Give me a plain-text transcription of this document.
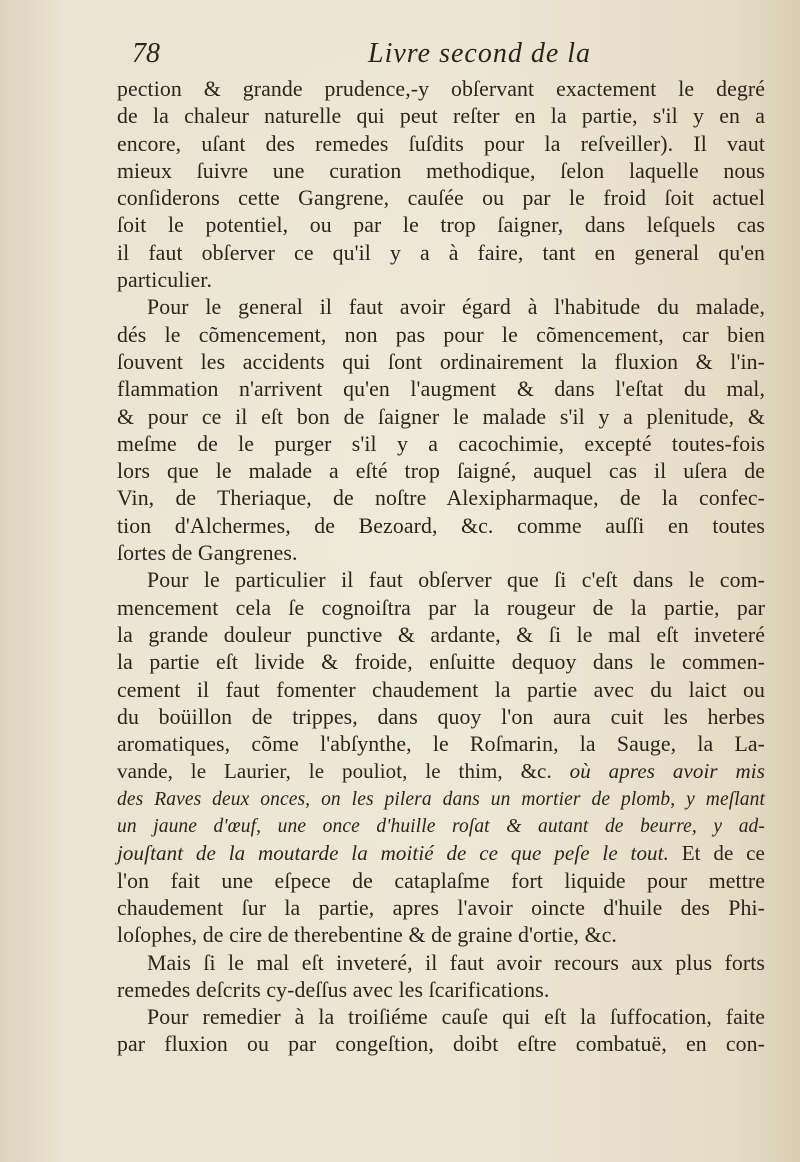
78	Livre second de la
pection & grande prudence,-y obſervant exactement le degré
de la chaleur naturelle qui peut reſter en la partie, s'il y en a
encore, uſant des remedes ſuſdits pour la reſveiller). Il vaut
mieux ſuivre une curation methodique, ſelon laquelle nous
conſiderons cette Gangrene, cauſée ou par le froid ſoit actuel
ſoit le potentiel, ou par le trop ſaigner, dans leſquels cas
il faut obſerver ce qu'il y a à faire, tant en general qu'en
particulier.
Pour le general il faut avoir égard à l'habitude du malade,
dés le cõmencement, non pas pour le cõmencement, car bien
ſouvent les accidents qui ſont ordinairement la fluxion & l'in-
flammation n'arrivent qu'en l'augment & dans l'eſtat du mal,
& pour ce il eſt bon de ſaigner le malade s'il y a plenitude, &
meſme de le purger s'il y a cacochimie, excepté toutes-fois
lors que le malade a eſté trop ſaigné, auquel cas il uſera de
Vin, de Theriaque, de noſtre Alexipharmaque, de la confec-
tion d'Alchermes, de Bezoard, &c. comme auſſi en toutes
ſortes de Gangrenes.
Pour le particulier il faut obſerver que ſi c'eſt dans le com-
mencement cela ſe cognoiſtra par la rougeur de la partie, par
la grande douleur punctive & ardante, & ſi le mal eſt inveteré
la partie eſt livide & froide, enſuitte dequoy dans le commen-
cement il faut fomenter chaudement la partie avec du laict ou
du boüillon de trippes, dans quoy l'on aura cuit les herbes
aromatiques, cõme l'abſynthe, le Roſmarin, la Sauge, la La-
vande, le Laurier, le pouliot, le thim, &c. où apres avoir mis
des Raves deux onces, on les pilera dans un mortier de plomb, y meſlant
un jaune d'œuf, une once d'huille roſat & autant de beurre, y ad-
jouſtant de la moutarde la moitié de ce que peſe le tout. Et de ce
l'on fait une eſpece de cataplaſme fort liquide pour mettre
chaudement ſur la partie, apres l'avoir oincte d'huile des Phi-
loſophes, de cire de therebentine & de graine d'ortie, &c.
Mais ſi le mal eſt inveteré, il faut avoir recours aux plus forts
remedes deſcrits cy-deſſus avec les ſcarifications.
Pour remedier à la troiſiéme cauſe qui eſt la ſuffocation, faite
par fluxion ou par congeſtion, doibt eſtre combatuë, en con-
